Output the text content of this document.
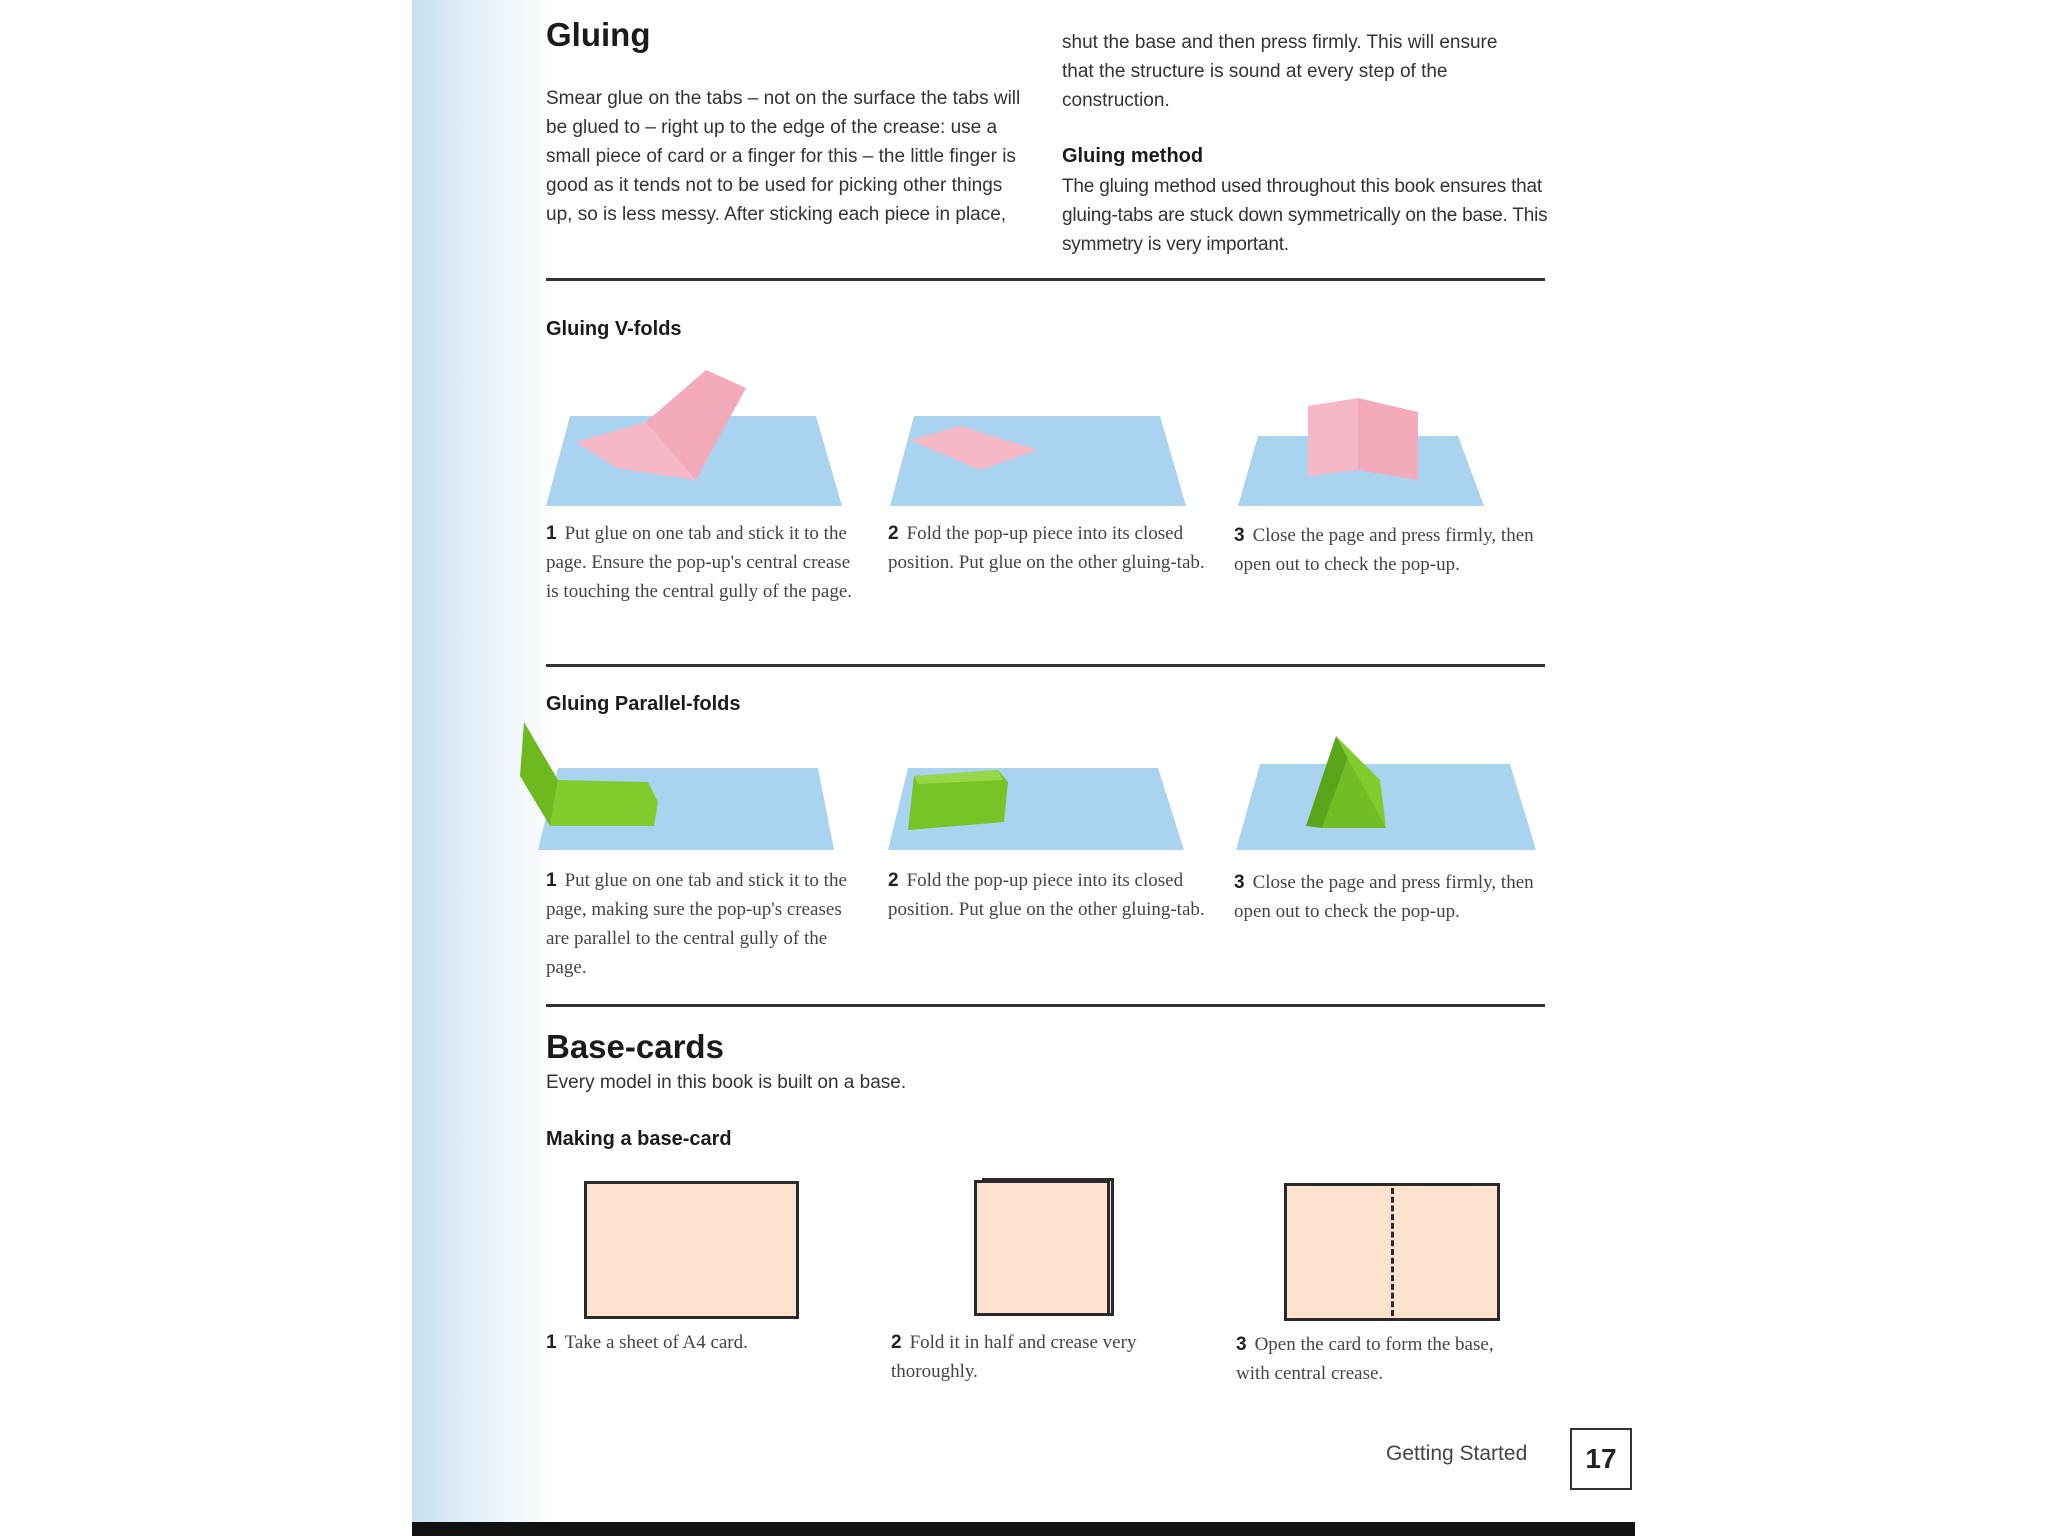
Gluing
Smear glue on the tabs – not on the surface the tabs will be glued to – right up to the edge of the crease: use a small piece of card or a finger for this – the little finger is good as it tends not to be used for picking other things up, so is less messy. After sticking each piece in place,
shut the base and then press firmly. This will ensure that the structure is sound at every step of the construction.
Gluing method
The gluing method used throughout this book ensures that gluing-tabs are stuck down symmetrically on the base. This symmetry is very important.
Gluing V-folds
1 Put glue on one tab and stick it to the page. Ensure the pop-up's central crease is touching the central gully of the page.
2 Fold the pop-up piece into its closed position. Put glue on the other gluing-tab.
3 Close the page and press firmly, then open out to check the pop-up.
Gluing Parallel-folds
1 Put glue on one tab and stick it to the page, making sure the pop-up's creases are parallel to the central gully of the page.
2 Fold the pop-up piece into its closed position. Put glue on the other gluing-tab.
3 Close the page and press firmly, then open out to check the pop-up.
Base-cards
Every model in this book is built on a base.
Making a base-card
1 Take a sheet of A4 card.	2 Fold it in half and crease very thoroughly.
3 Open the card to form the base, with central crease.
Getting Started	17
